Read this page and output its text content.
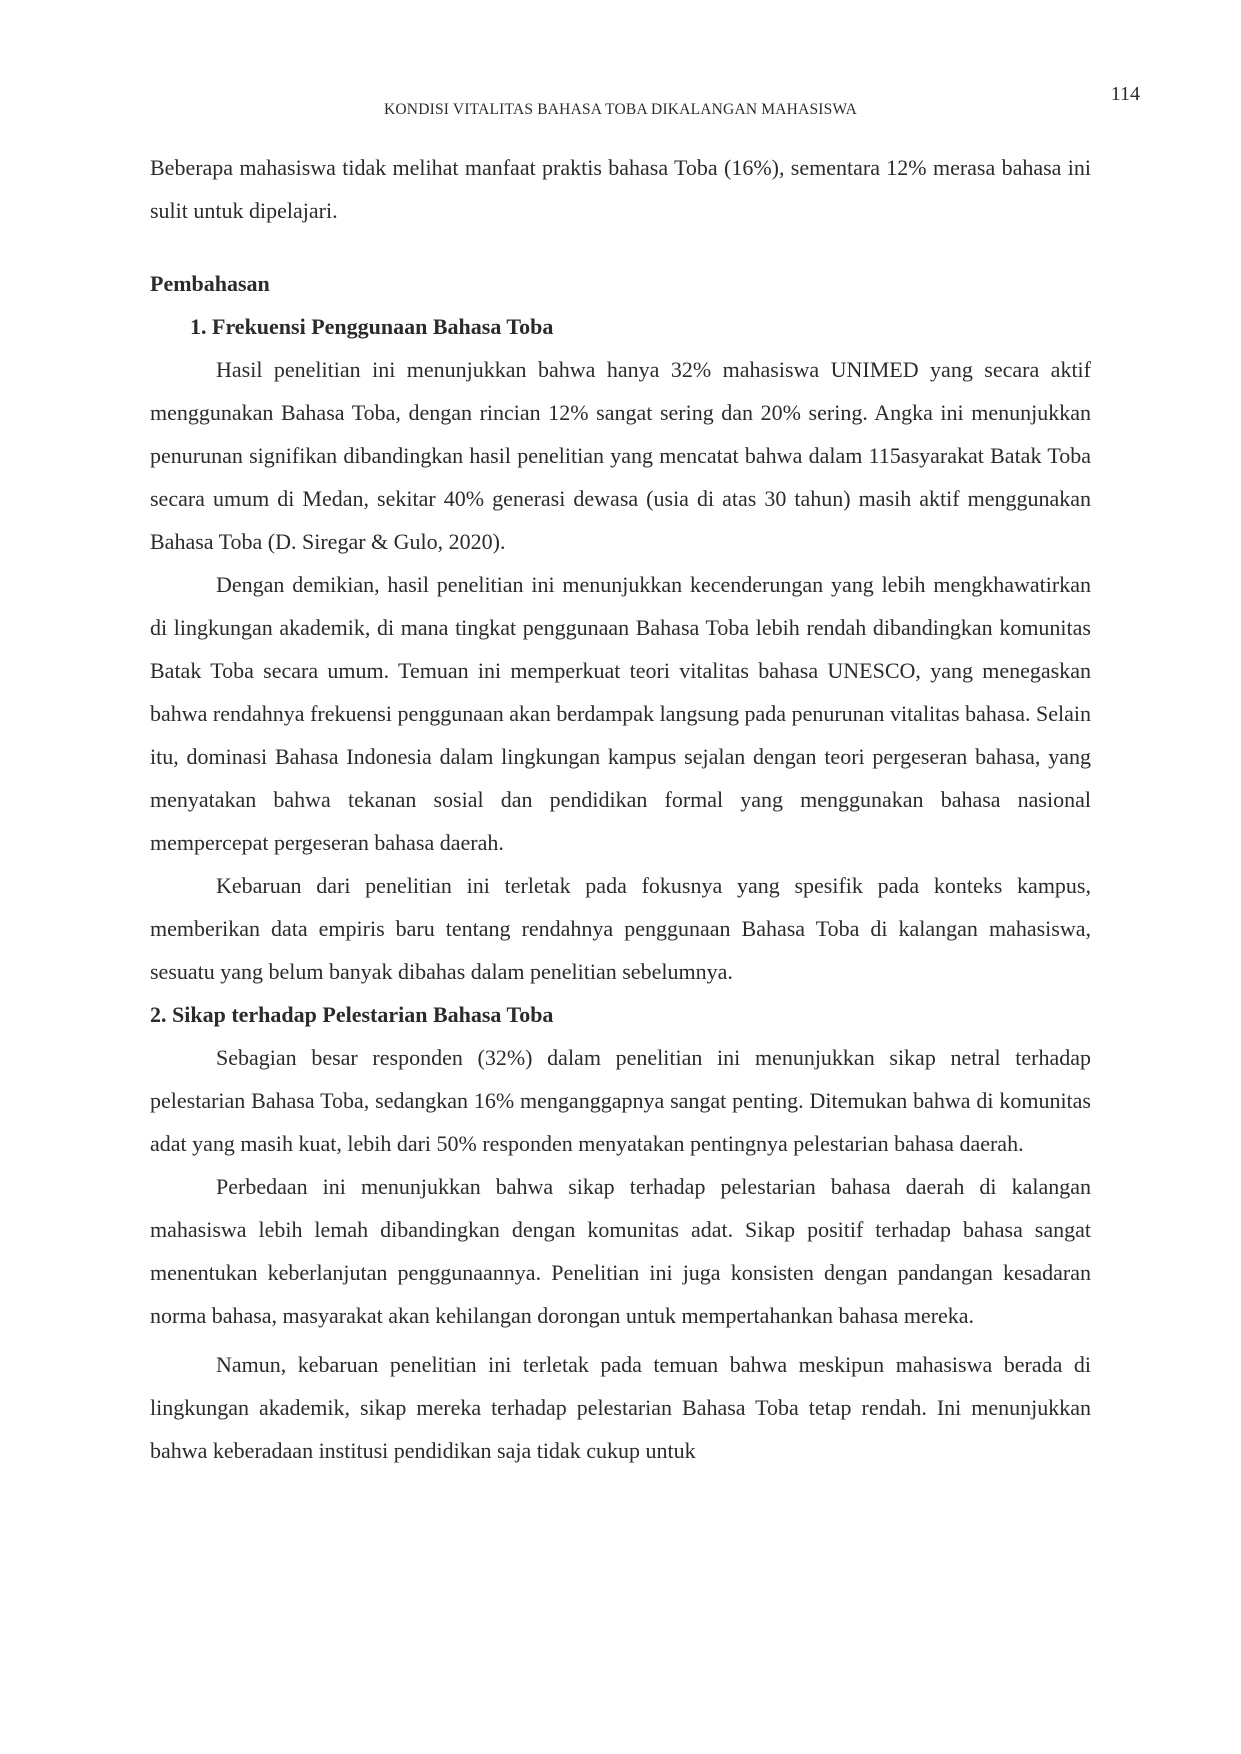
114
KONDISI VITALITAS BAHASA TOBA DIKALANGAN MAHASISWA

Beberapa mahasiswa tidak melihat manfaat praktis bahasa Toba (16%), sementara 12% merasa bahasa ini sulit untuk dipelajari.

Pembahasan
1. Frekuensi Penggunaan Bahasa Toba

Hasil penelitian ini menunjukkan bahwa hanya 32% mahasiswa UNIMED yang secara aktif menggunakan Bahasa Toba, dengan rincian 12% sangat sering dan 20% sering. Angka ini menunjukkan penurunan signifikan dibandingkan hasil penelitian yang mencatat bahwa dalam 115asyarakat Batak Toba secara umum di Medan, sekitar 40% generasi dewasa (usia di atas 30 tahun) masih aktif menggunakan Bahasa Toba (D. Siregar & Gulo, 2020).

Dengan demikian, hasil penelitian ini menunjukkan kecenderungan yang lebih mengkhawatirkan di lingkungan akademik, di mana tingkat penggunaan Bahasa Toba lebih rendah dibandingkan komunitas Batak Toba secara umum. Temuan ini memperkuat teori vitalitas bahasa UNESCO, yang menegaskan bahwa rendahnya frekuensi penggunaan akan berdampak langsung pada penurunan vitalitas bahasa. Selain itu, dominasi Bahasa Indonesia dalam lingkungan kampus sejalan dengan teori pergeseran bahasa, yang menyatakan bahwa tekanan sosial dan pendidikan formal yang menggunakan bahasa nasional mempercepat pergeseran bahasa daerah.

Kebaruan dari penelitian ini terletak pada fokusnya yang spesifik pada konteks kampus, memberikan data empiris baru tentang rendahnya penggunaan Bahasa Toba di kalangan mahasiswa, sesuatu yang belum banyak dibahas dalam penelitian sebelumnya.

2. Sikap terhadap Pelestarian Bahasa Toba

Sebagian besar responden (32%) dalam penelitian ini menunjukkan sikap netral terhadap pelestarian Bahasa Toba, sedangkan 16% menganggapnya sangat penting. Ditemukan bahwa di komunitas adat yang masih kuat, lebih dari 50% responden menyatakan pentingnya pelestarian bahasa daerah.

Perbedaan ini menunjukkan bahwa sikap terhadap pelestarian bahasa daerah di kalangan mahasiswa lebih lemah dibandingkan dengan komunitas adat. Sikap positif terhadap bahasa sangat menentukan keberlanjutan penggunaannya. Penelitian ini juga konsisten dengan pandangan kesadaran norma bahasa, masyarakat akan kehilangan dorongan untuk mempertahankan bahasa mereka.

Namun, kebaruan penelitian ini terletak pada temuan bahwa meskipun mahasiswa berada di lingkungan akademik, sikap mereka terhadap pelestarian Bahasa Toba tetap rendah. Ini menunjukkan bahwa keberadaan institusi pendidikan saja tidak cukup untuk
